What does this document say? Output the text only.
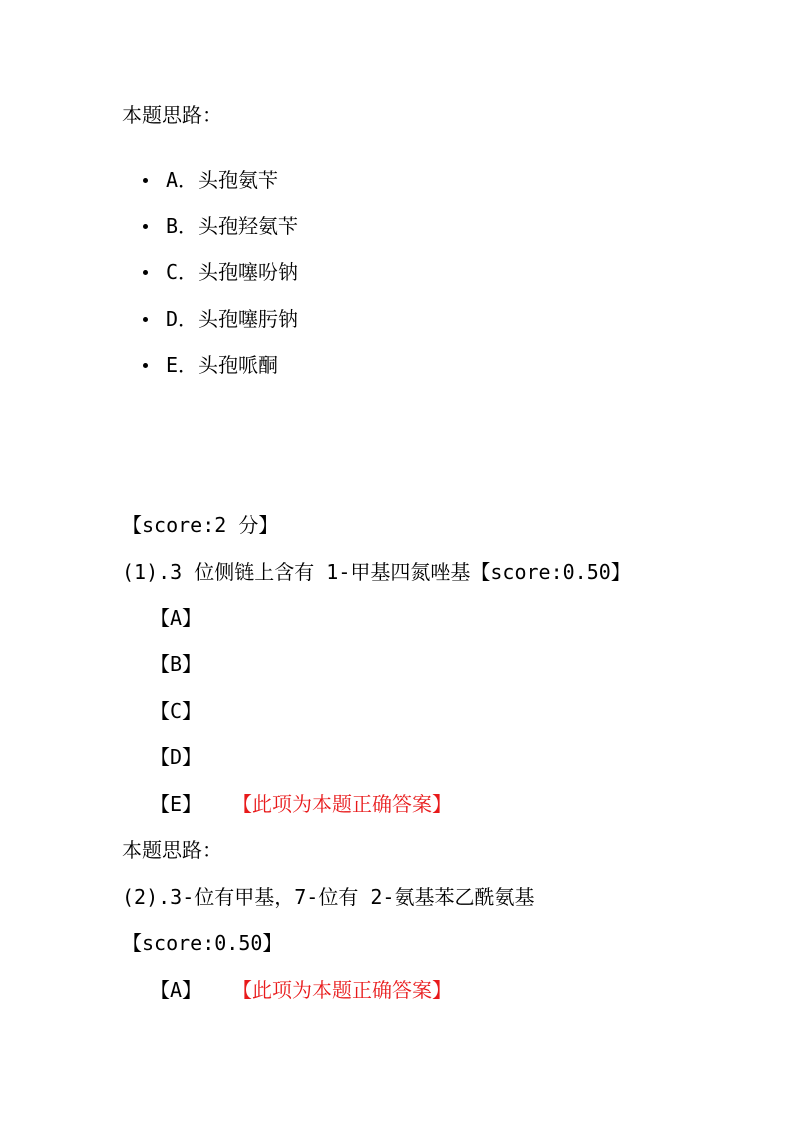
本题思路：
A．头孢氨苄
B．头孢羟氨苄
C．头孢噻吩钠
D．头孢噻肟钠
E．头孢哌酮
【score:2 分】
(1).3 位侧链上含有 1-甲基四氮唑基【score:0.50】
【A】
【B】
【C】
【D】
【E】 【此项为本题正确答案】
本题思路：
(2).3-位有甲基，7-位有 2-氨基苯乙酰氨基
【score:0.50】
【A】 【此项为本题正确答案】
